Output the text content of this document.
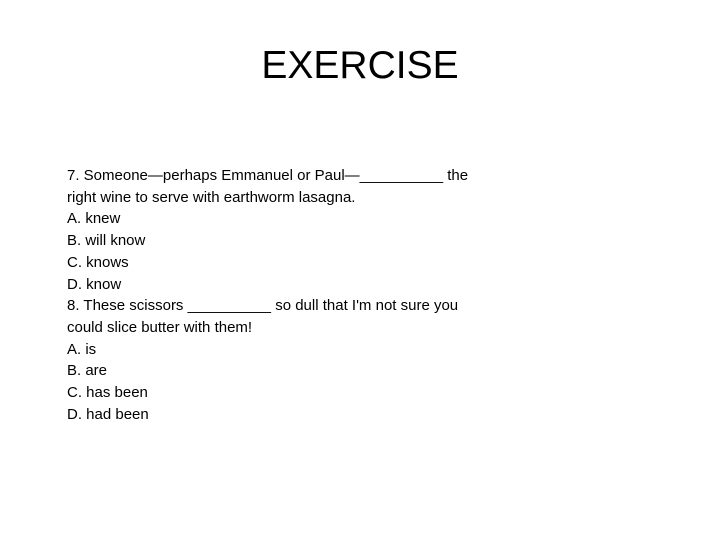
EXERCISE
7. Someone—perhaps Emmanuel or Paul—__________ the
right wine to serve with earthworm lasagna.
A. knew
B. will know
C. knows
D. know
8. These scissors __________ so dull that I'm not sure you
could slice butter with them!
A. is
B. are
C. has been
D. had been
